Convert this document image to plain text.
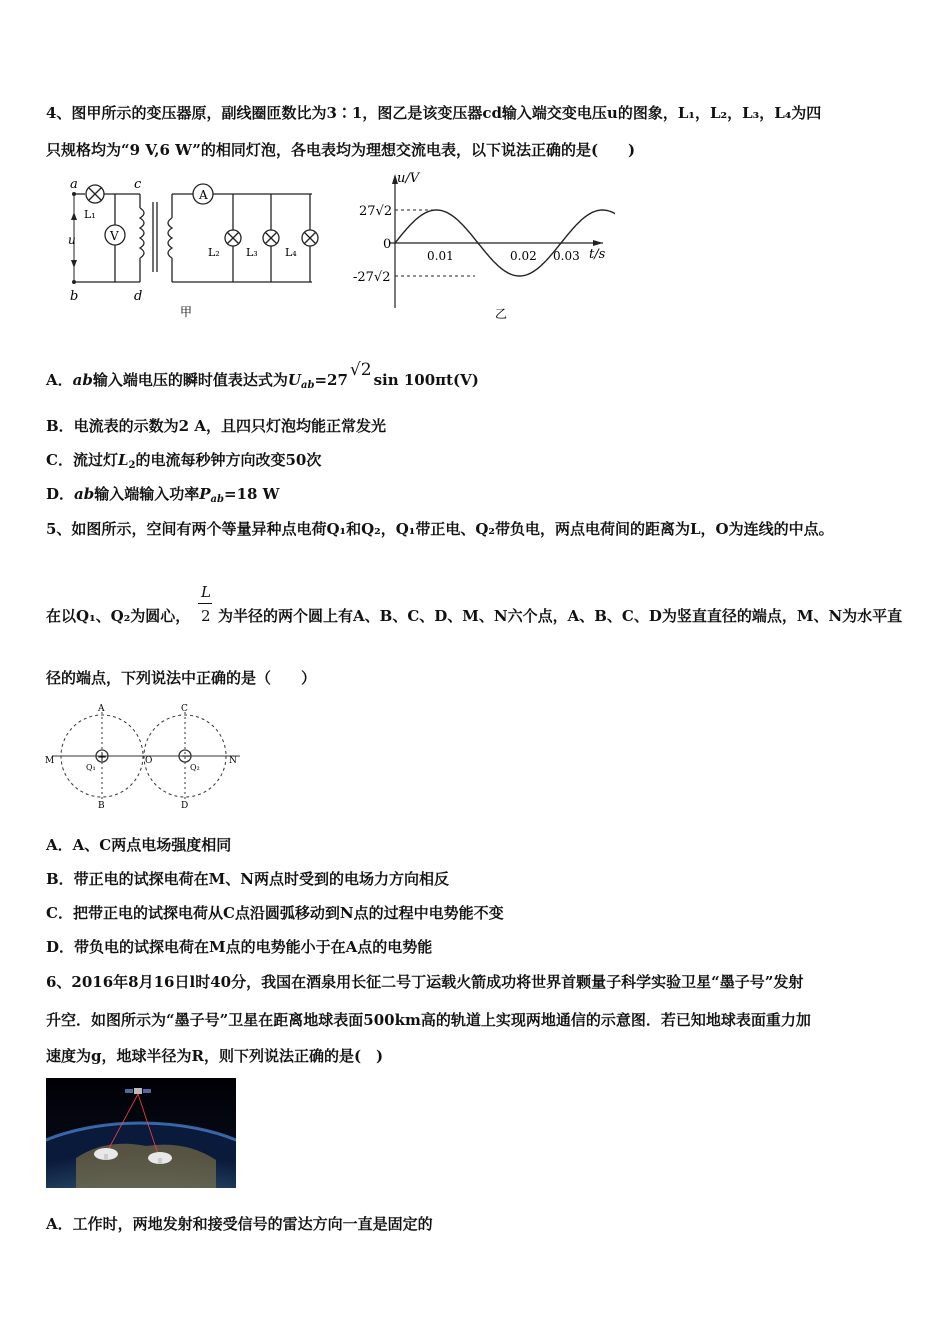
4、图甲所示的变压器原，副线圈匝数比为3∶1，图乙是该变压器cd输入端交变电压u的图象，L₁，L₂，L₃，L₄为四
只规格均为“9 V,6 W”的相同灯泡，各电表均为理想交流电表，以下说法正确的是(　　)
a
b
c
d
u
A
V
L₁
L₂ L₃ L₄
甲
u/V
t/s
27√2
-27√2
0
0.01	0.02 0.03
乙
A．ab输入端电压的瞬时值表达式为$U_{ab}=27$ √2 sin 100πt(V)
B．电流表的示数为2 A，且四只灯泡均能正常发光
C．流过灯$L_2$的电流每秒钟方向改变50次
D．ab输入端输入功率$P_{ab}=18$ W
5、如图所示，空间有两个等量异种点电荷Q₁和Q₂，Q₁带正电、Q₂带负电，两点电荷间的距离为L，O为连线的中点。
L
2
在以Q₁、Q₂为圆心， 为半径的两个圆上有A、B、C、D、M、N六个点，A、B、C、D为竖直直径的端点，M、N为水平直
径的端点，下列说法中正确的是（　　）
+	−
A
B
C
D
M	N
O
Q₁	Q₂
A．A、C两点电场强度相同
B．带正电的试探电荷在M、N两点时受到的电场力方向相反
C．把带正电的试探电荷从C点沿圆弧移动到N点的过程中电势能不变
D．带负电的试探电荷在M点的电势能小于在A点的电势能
6、2016年8月16日l时40分，我国在酒泉用长征二号丁运载火箭成功将世界首颗量子科学实验卫星“墨子号”发射
升空．如图所示为“墨子号”卫星在距离地球表面500km高的轨道上实现两地通信的示意图．若已知地球表面重力加
速度为g，地球半径为R，则下列说法正确的是(　)
A．工作时，两地发射和接受信号的雷达方向一直是固定的
